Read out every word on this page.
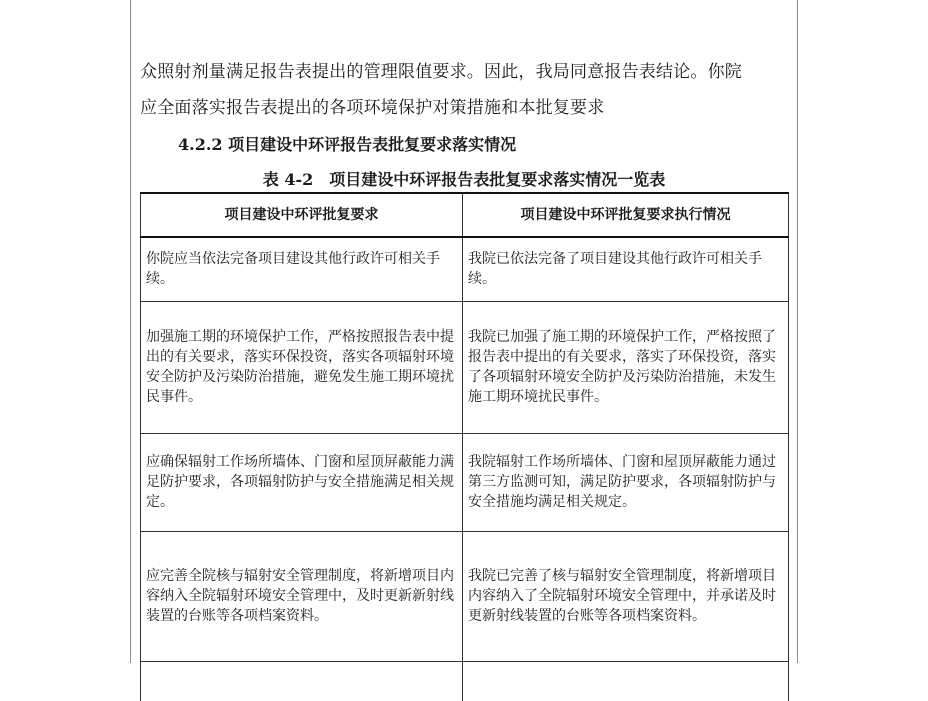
众照射剂量满足报告表提出的管理限值要求。因此，我局同意报告表结论。你院
应全面落实报告表提出的各项环境保护对策措施和本批复要求
4.2.2 项目建设中环评报告表批复要求落实情况
表 4-2　项目建设中环评报告表批复要求落实情况一览表
项目建设中环评批复要求	项目建设中环评批复要求执行情况
你院应当依法完备项目建设其他行政许可相关手续。	我院已依法完备了项目建设其他行政许可相关手续。
加强施工期的环境保护工作，严格按照报告表中提出的有关要求，落实环保投资，落实各项辐射环境安全防护及污染防治措施，避免发生施工期环境扰民事件。	我院已加强了施工期的环境保护工作，严格按照了报告表中提出的有关要求，落实了环保投资，落实了各项辐射环境安全防护及污染防治措施，未发生施工期环境扰民事件。
应确保辐射工作场所墙体、门窗和屋顶屏蔽能力满足防护要求，各项辐射防护与安全措施满足相关规定。	我院辐射工作场所墙体、门窗和屋顶屏蔽能力通过第三方监测可知，满足防护要求，各项辐射防护与安全措施均满足相关规定。
应完善全院核与辐射安全管理制度，将新增项目内容纳入全院辐射环境安全管理中，及时更新新射线装置的台账等各项档案资料。	我院已完善了核与辐射安全管理制度，将新增项目内容纳入了全院辐射环境安全管理中，并承诺及时更新射线装置的台账等各项档案资料。
